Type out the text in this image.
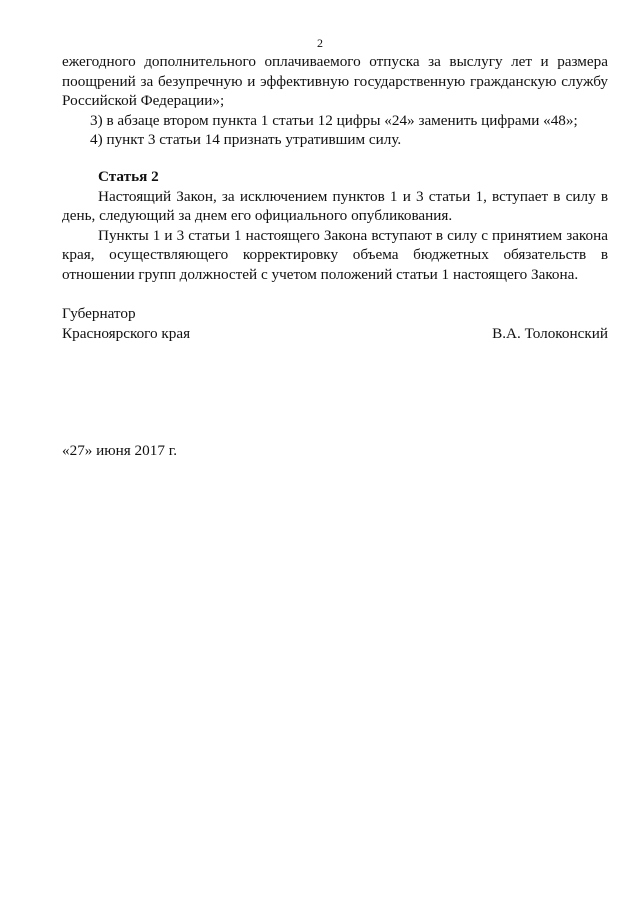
2

ежегодного дополнительного оплачиваемого отпуска за выслугу лет и размера поощрений за безупречную и эффективную государственную гражданскую службу Российской Федерации»;

3) в абзаце втором пункта 1 статьи 12 цифры «24» заменить цифрами «48»;

4) пункт 3 статьи 14 признать утратившим силу.

Статья 2

Настоящий Закон, за исключением пунктов 1 и 3 статьи 1, вступает в силу в день, следующий за днем его официального опубликования.

Пункты 1 и 3 статьи 1 настоящего Закона вступают в силу с принятием закона края, осуществляющего корректировку объема бюджетных обязательств в отношении групп должностей с учетом положений статьи 1 настоящего Закона.

Губернатор
Красноярского края	В.А. Толоконский
«27» июня 2017 г.
